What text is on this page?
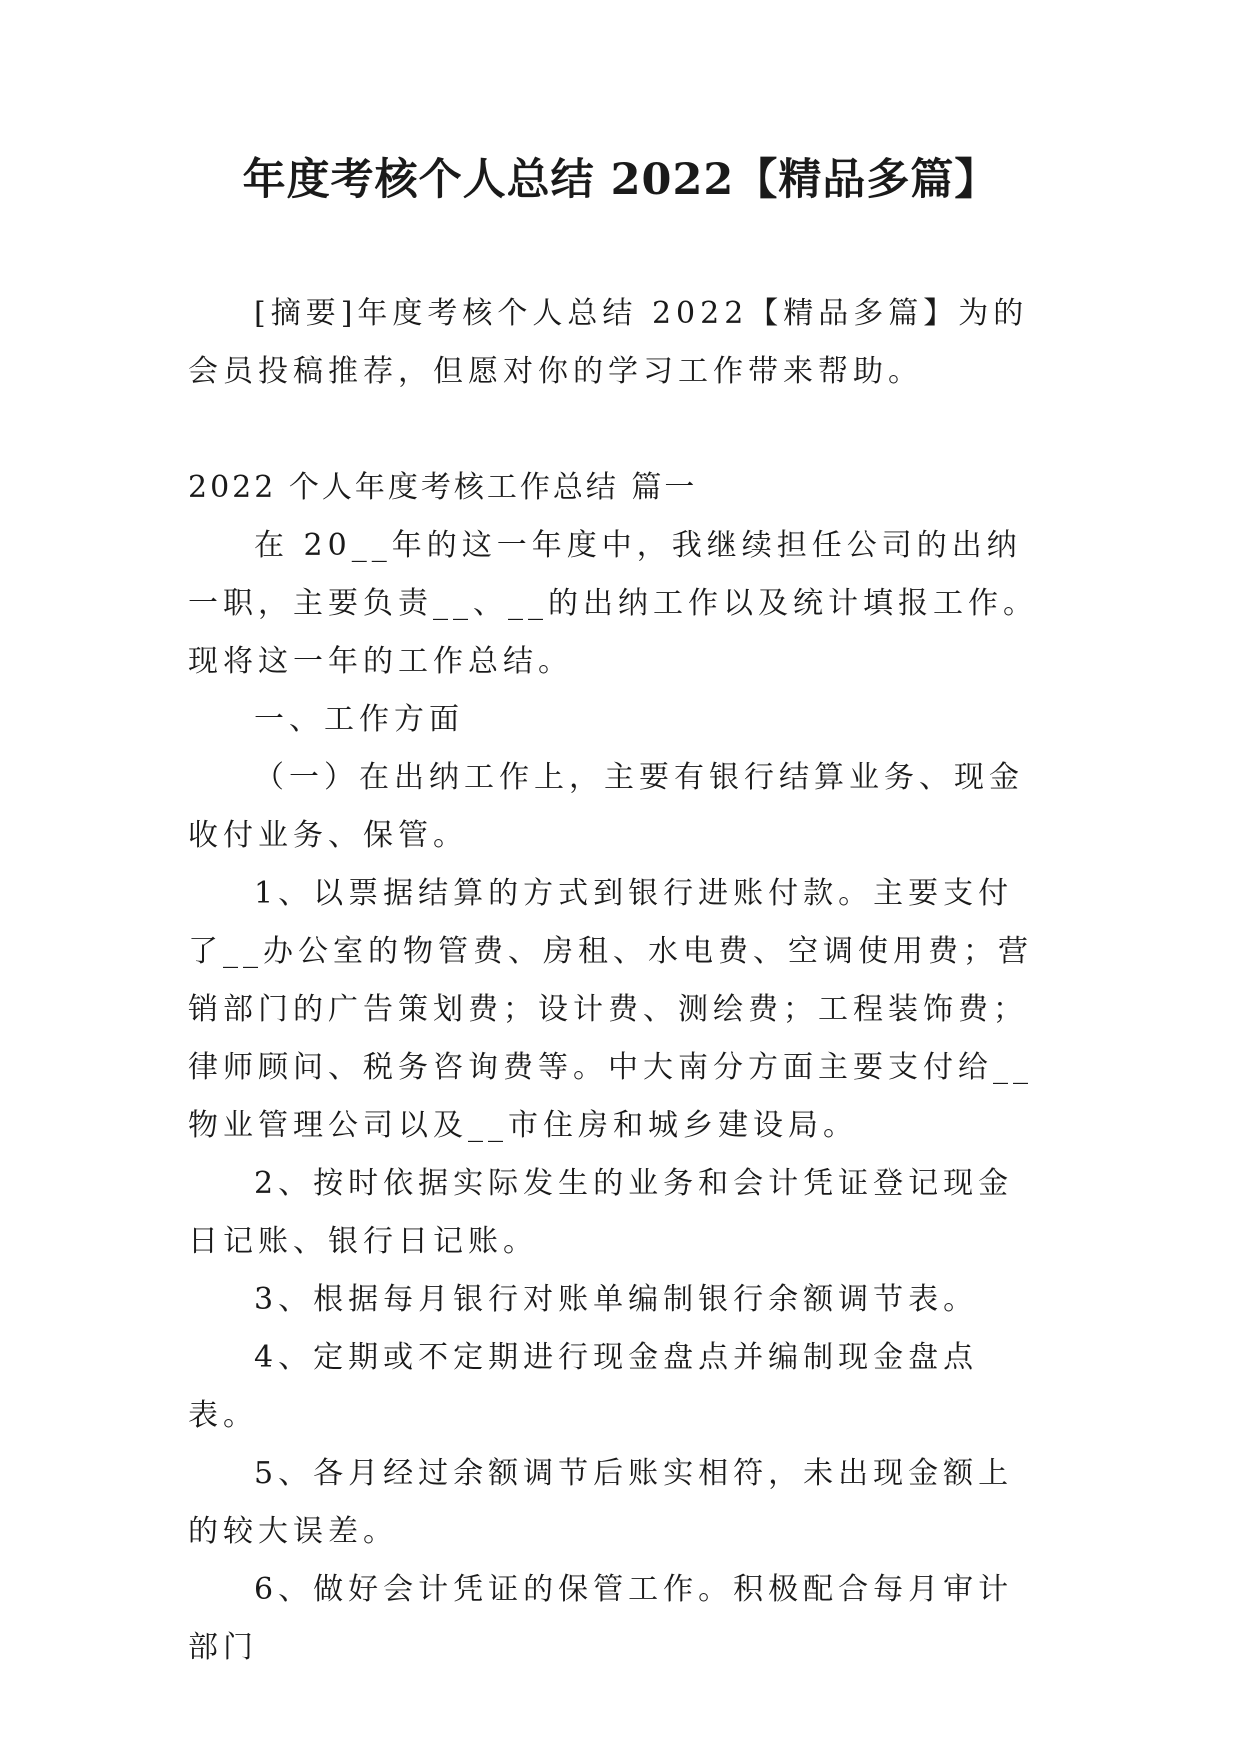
年度考核个人总结 2022【精品多篇】

[摘要]年度考核个人总结 2022【精品多篇】为的会员投稿推荐，但愿对你的学习工作带来帮助。

2022 个人年度考核工作总结 篇一

在 20__年的这一年度中，我继续担任公司的出纳一职，主要负责__、__的出纳工作以及统计填报工作。现将这一年的工作总结。

一、工作方面

（一）在出纳工作上，主要有银行结算业务、现金收付业务、保管。

1、以票据结算的方式到银行进账付款。主要支付了__办公室的物管费、房租、水电费、空调使用费；营销部门的广告策划费；设计费、测绘费；工程装饰费；律师顾问、税务咨询费等。中大南分方面主要支付给__物业管理公司以及__市住房和城乡建设局。

2、按时依据实际发生的业务和会计凭证登记现金日记账、银行日记账。

3、根据每月银行对账单编制银行余额调节表。

4、定期或不定期进行现金盘点并编制现金盘点表。

5、各月经过余额调节后账实相符，未出现金额上的较大误差。

6、做好会计凭证的保管工作。积极配合每月审计部门
